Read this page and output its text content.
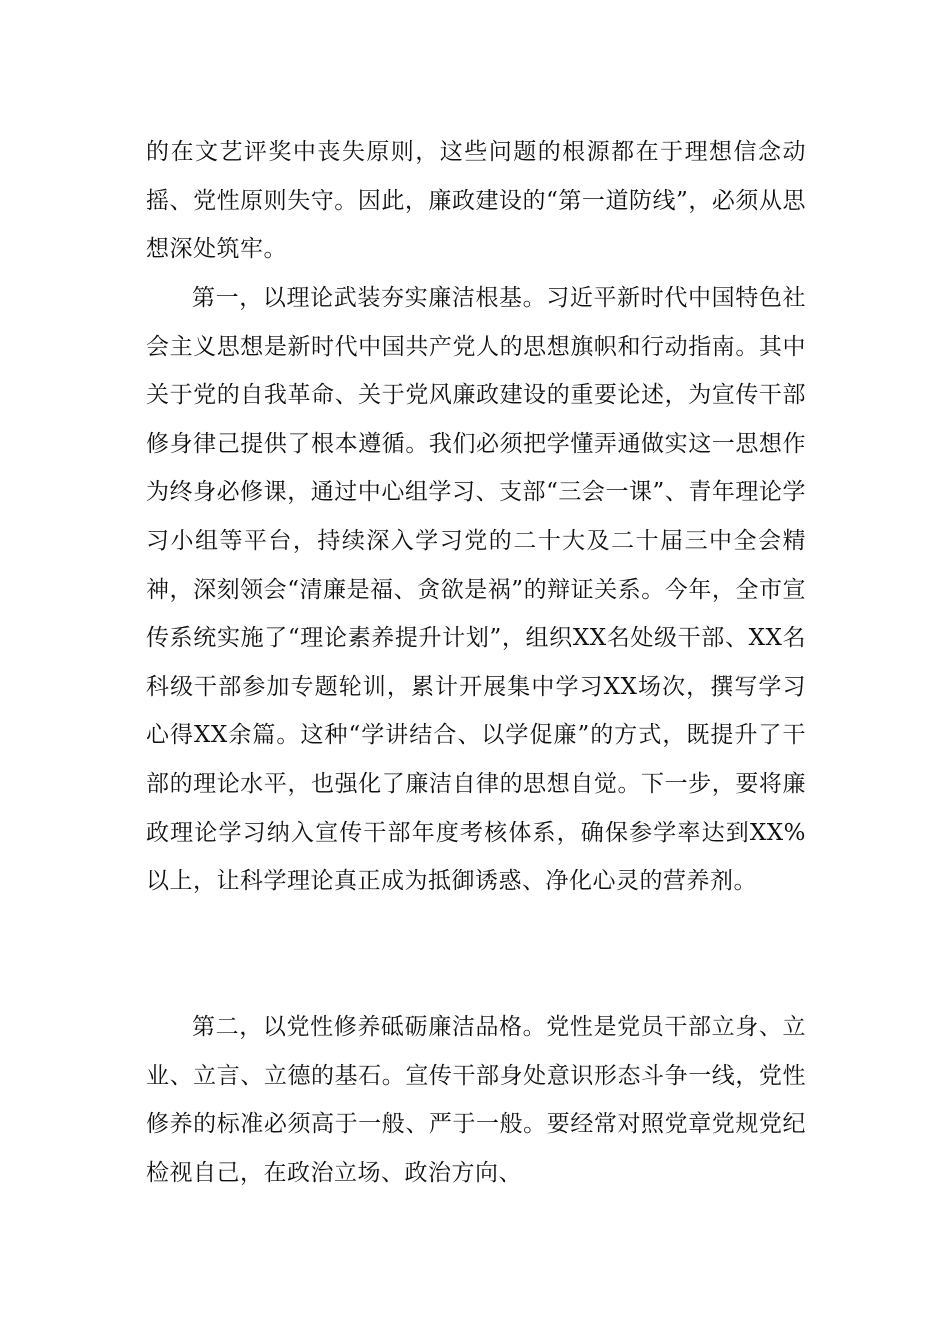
的在文艺评奖中丧失原则，这些问题的根源都在于理想信念动摇、党性原则失守。因此，廉政建设的“第一道防线”，必须从思想深处筑牢。

第一，以理论武装夯实廉洁根基。习近平新时代中国特色社会主义思想是新时代中国共产党人的思想旗帜和行动指南。其中关于党的自我革命、关于党风廉政建设的重要论述，为宣传干部修身律己提供了根本遵循。我们必须把学懂弄通做实这一思想作为终身必修课，通过中心组学习、支部“三会一课”、青年理论学习小组等平台，持续深入学习党的二十大及二十届三中全会精神，深刻领会“清廉是福、贪欲是祸”的辩证关系。今年，全市宣传系统实施了“理论素养提升计划”，组织XX名处级干部、XX名科级干部参加专题轮训，累计开展集中学习XX场次，撰写学习心得XX余篇。这种“学讲结合、以学促廉”的方式，既提升了干部的理论水平，也强化了廉洁自律的思想自觉。下一步，要将廉政理论学习纳入宣传干部年度考核体系，确保参学率达到XX%以上，让科学理论真正成为抵御诱惑、净化心灵的营养剂。

第二，以党性修养砥砺廉洁品格。党性是党员干部立身、立业、立言、立德的基石。宣传干部身处意识形态斗争一线，党性修养的标准必须高于一般、严于一般。要经常对照党章党规党纪检视自己，在政治立场、政治方向、
